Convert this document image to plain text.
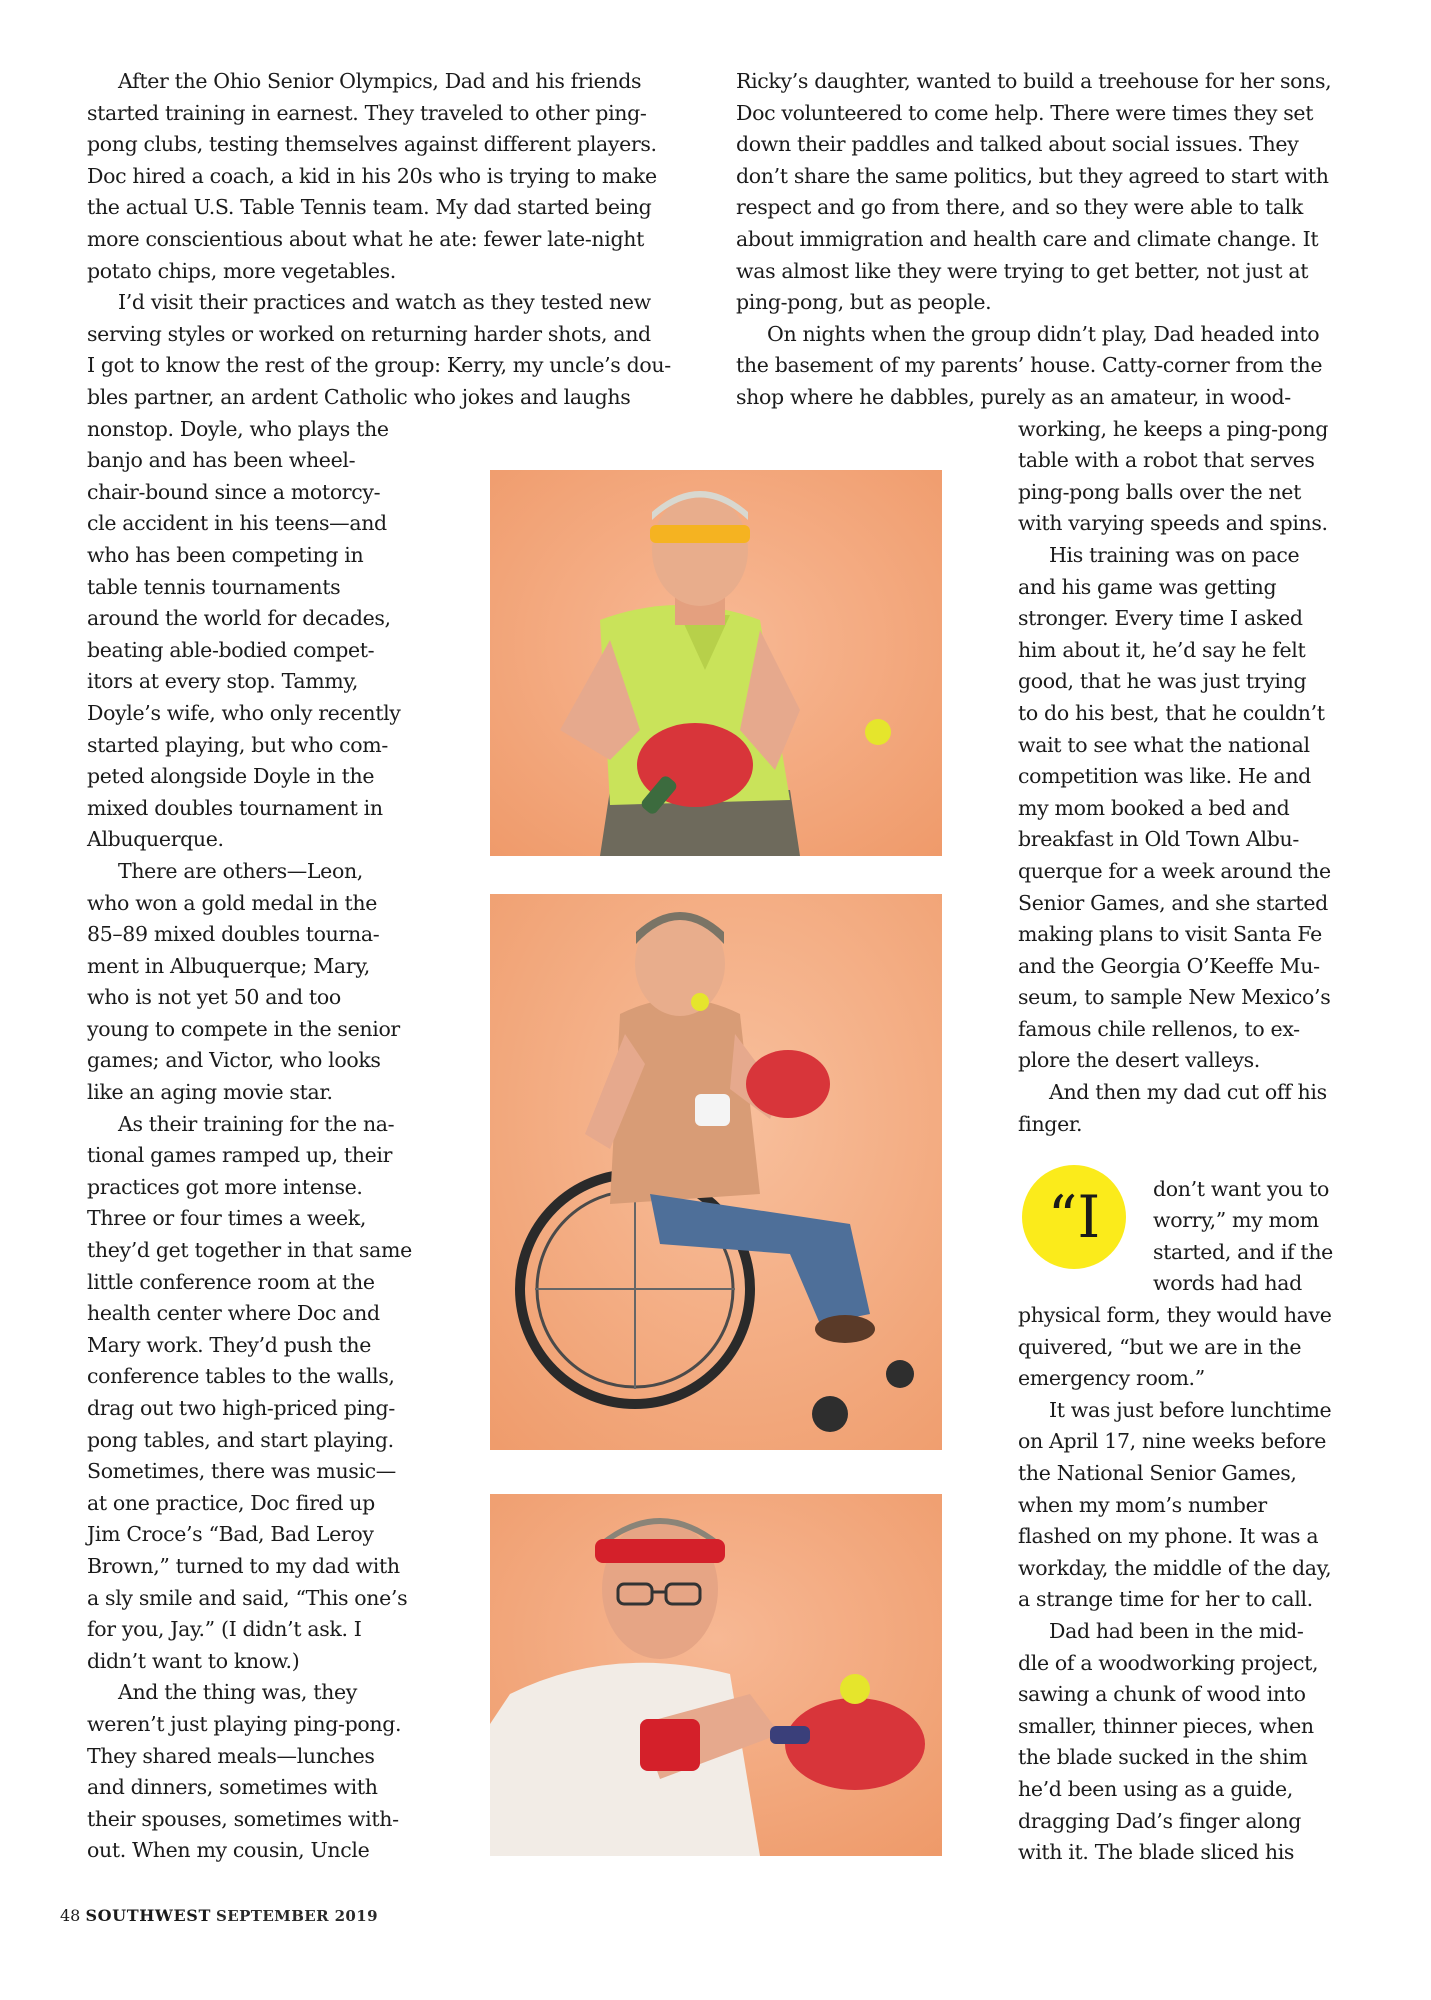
After the Ohio Senior Olympics, Dad and his friends
started training in earnest. They traveled to other ping-
pong clubs, testing themselves against different players.
Doc hired a coach, a kid in his 20s who is trying to make
the actual U.S. Table Tennis team. My dad started being
more conscientious about what he ate: fewer late-night
potato chips, more vegetables.
I’d visit their practices and watch as they tested new
serving styles or worked on returning harder shots, and
I got to know the rest of the group: Kerry, my uncle’s dou-
bles partner, an ardent Catholic who jokes and laughs
nonstop. Doyle, who plays the
banjo and has been wheel-
chair-bound since a motorcy-
cle accident in his teens—and
who has been competing in
table tennis tournaments
around the world for decades,
beating able-bodied compet-
itors at every stop. Tammy,
Doyle’s wife, who only recently
started playing, but who com-
peted alongside Doyle in the
mixed doubles tournament in
Albuquerque.
There are others—Leon,
who won a gold medal in the
85–89 mixed doubles tourna-
ment in Albuquerque; Mary,
who is not yet 50 and too
young to compete in the senior
games; and Victor, who looks
like an aging movie star.
As their training for the na-
tional games ramped up, their
practices got more intense.
Three or four times a week,
they’d get together in that same
little conference room at the
health center where Doc and
Mary work. They’d push the
conference tables to the walls,
drag out two high-priced ping-
pong tables, and start playing.
Sometimes, there was music—
at one practice, Doc fired up
Jim Croce’s “Bad, Bad Leroy
Brown,” turned to my dad with
a sly smile and said, “This one’s
for you, Jay.” (I didn’t ask. I
didn’t want to know.)
And the thing was, they
weren’t just playing ping-pong.
They shared meals—lunches
and dinners, sometimes with
their spouses, sometimes with-
out. When my cousin, Uncle
Ricky’s daughter, wanted to build a treehouse for her sons,
Doc volunteered to come help. There were times they set
down their paddles and talked about social issues. They
don’t share the same politics, but they agreed to start with
respect and go from there, and so they were able to talk
about immigration and health care and climate change. It
was almost like they were trying to get better, not just at
ping-pong, but as people.
On nights when the group didn’t play, Dad headed into
the basement of my parents’ house. Catty-corner from the
shop where he dabbles, purely as an amateur, in wood-
working, he keeps a ping-pong
table with a robot that serves
ping-pong balls over the net
with varying speeds and spins.
His training was on pace
and his game was getting
stronger. Every time I asked
him about it, he’d say he felt
good, that he was just trying
to do his best, that he couldn’t
wait to see what the national
competition was like. He and
my mom booked a bed and
breakfast in Old Town Albu-
querque for a week around the
Senior Games, and she started
making plans to visit Santa Fe
and the Georgia O’Keeffe Mu-
seum, to sample New Mexico’s
famous chile rellenos, to ex-
plore the desert valleys.
And then my dad cut off his
finger.
“I	don’t want you to
worry,” my mom
started, and if the
words had had
physical form, they would have
quivered, “but we are in the
emergency room.”
It was just before lunchtime
on April 17, nine weeks before
the National Senior Games,
when my mom’s number
flashed on my phone. It was a
workday, the middle of the day,
a strange time for her to call.
Dad had been in the mid-
dle of a woodworking project,
sawing a chunk of wood into
smaller, thinner pieces, when
the blade sucked in the shim
he’d been using as a guide,
dragging Dad’s finger along
with it. The blade sliced his
48 SOUTHWEST SEPTEMBER 2019
